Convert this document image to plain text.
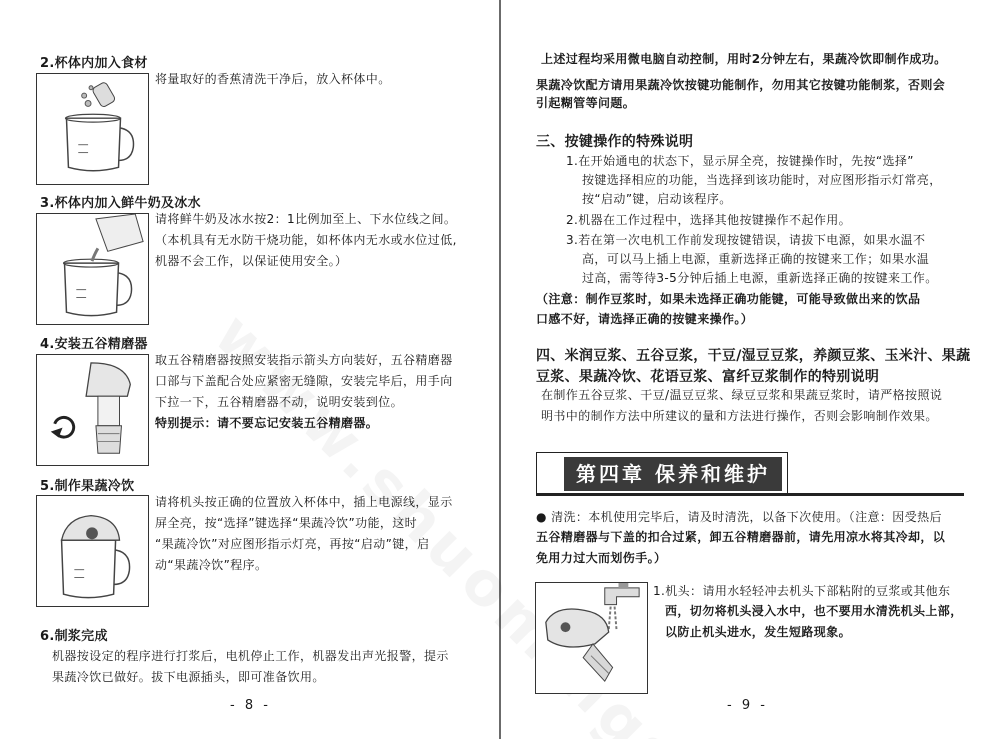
2.杯体内加入食材
将量取好的香蕉清洗干净后，放入杯体中。
3.杯体内加入鲜牛奶及冰水
请将鲜牛奶及冰水按2：1比例加至上、下水位线之间。
（本机具有无水防干烧功能，如杯体内无水或水位过低,
机器不会工作，以保证使用安全。）
4.安装五谷精磨器
取五谷精磨器按照安装指示箭头方向装好，五谷精磨器
口部与下盖配合处应紧密无缝隙，安装完毕后，用手向
下拉一下，五谷精磨器不动，说明安装到位。
特别提示：请不要忘记安装五谷精磨器。
5.制作果蔬冷饮
请将机头按正确的位置放入杯体中，插上电源线，显示
屏全亮，按“选择”键选择“果蔬冷饮”功能，这时
“果蔬冷饮”对应图形指示灯亮，再按“启动”键，启
动“果蔬冷饮”程序。
6.制浆完成
机器按设定的程序进行打浆后，电机停止工作，机器发出声光报警，提示
果蔬冷饮已做好。拔下电源插头，即可准备饮用。
- 8 -
上述过程均采用微电脑自动控制，用时2分钟左右，果蔬冷饮即制作成功。
果蔬冷饮配方请用果蔬冷饮按键功能制作，勿用其它按键功能制浆，否则会
引起糊管等问题。
三、按键操作的特殊说明
1.在开始通电的状态下，显示屏全亮，按键操作时，先按“选择”
按键选择相应的功能，当选择到该功能时，对应图形指示灯常亮，
按“启动”键，启动该程序。
2.机器在工作过程中，选择其他按键操作不起作用。
3.若在第一次电机工作前发现按键错误，请拔下电源，如果水温不
高，可以马上插上电源，重新选择正确的按键来工作；如果水温
过高，需等待3-5分钟后插上电源，重新选择正确的按键来工作。
（注意：制作豆浆时，如果未选择正确功能键，可能导致做出来的饮品
口感不好，请选择正确的按键来操作。）
四、米润豆浆、五谷豆浆，干豆/湿豆豆浆，养颜豆浆、玉米汁、果蔬
豆浆、果蔬冷饮、花语豆浆、富纤豆浆制作的特别说明
在制作五谷豆浆、干豆/温豆豆浆、绿豆豆浆和果蔬豆浆时，请严格按照说
明书中的制作方法中所建议的量和方法进行操作，否则会影响制作效果。
第四章 保养和维护
● 清洗：本机使用完毕后，请及时清洗，以备下次使用。（注意：因受热后
五谷精磨器与下盖的扣合过紧，卸五谷精磨器前，请先用凉水将其冷却，以
免用力过大而划伤手。）
1.机头：请用水轻轻冲去机头下部粘附的豆浆或其他东
西，切勿将机头浸入水中，也不要用水清洗机头上部，
以防止机头进水，发生短路现象。
- 9 -
